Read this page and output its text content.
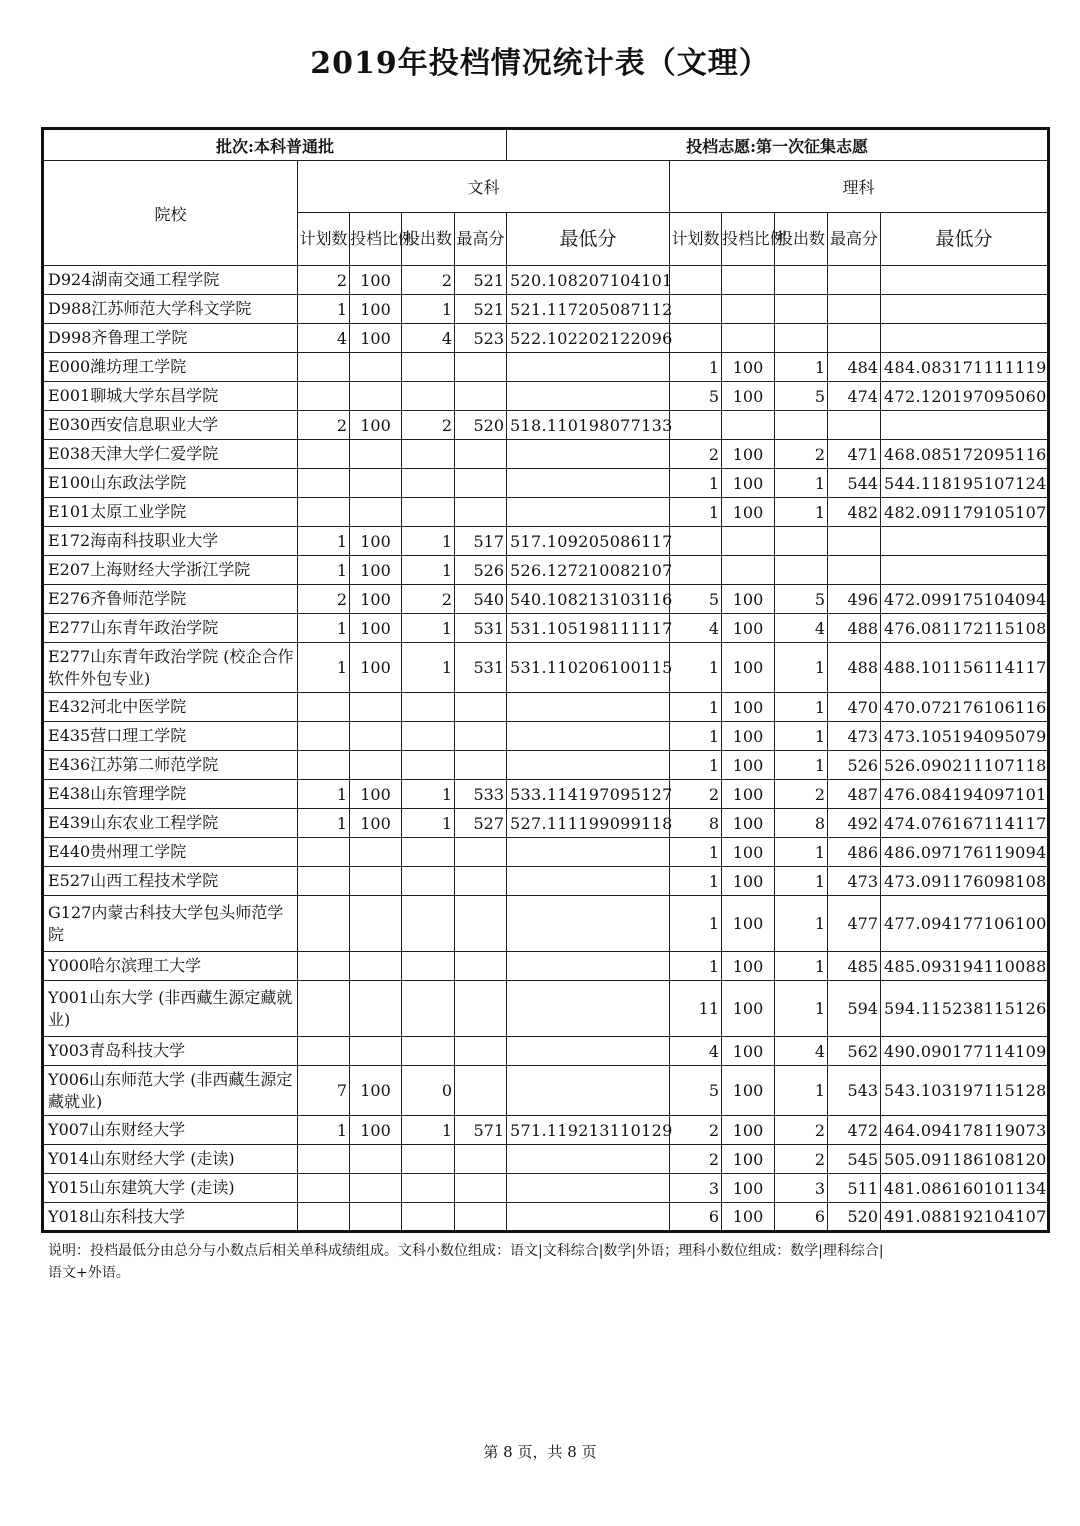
2019年投档情况统计表（文理）
批次:本科普通批					投档志愿:第一次征集志愿					
院校	文科					理科				
	计划数	投档比例	投出数	最高分	最低分	计划数	投档比例	投出数	最高分	最低分
D924湖南交通工程学院	2	100	2	521	520.108207104101					
D988江苏师范大学科文学院	1	100	1	521	521.117205087112					
D998齐鲁理工学院	4	100	4	523	522.102202122096					
E000潍坊理工学院						1	100	1	484	484.083171111119
E001聊城大学东昌学院						5	100	5	474	472.120197095060
E030西安信息职业大学	2	100	2	520	518.110198077133					
E038天津大学仁爱学院						2	100	2	471	468.085172095116
E100山东政法学院						1	100	1	544	544.118195107124
E101太原工业学院						1	100	1	482	482.091179105107
E172海南科技职业大学	1	100	1	517	517.109205086117					
E207上海财经大学浙江学院	1	100	1	526	526.127210082107					
E276齐鲁师范学院	2	100	2	540	540.108213103116	5	100	5	496	472.099175104094
E277山东青年政治学院	1	100	1	531	531.105198111117	4	100	4	488	476.081172115108
E277山东青年政治学院 (校企合作软件外包专业)	1	100	1	531	531.110206100115	1	100	1	488	488.101156114117
E432河北中医学院						1	100	1	470	470.072176106116
E435营口理工学院						1	100	1	473	473.105194095079
E436江苏第二师范学院						1	100	1	526	526.090211107118
E438山东管理学院	1	100	1	533	533.114197095127	2	100	2	487	476.084194097101
E439山东农业工程学院	1	100	1	527	527.111199099118	8	100	8	492	474.076167114117
E440贵州理工学院						1	100	1	486	486.097176119094
E527山西工程技术学院						1	100	1	473	473.091176098108
G127内蒙古科技大学包头师范学院						1	100	1	477	477.094177106100
Y000哈尔滨理工大学						1	100	1	485	485.093194110088
Y001山东大学 (非西藏生源定藏就业)						11	100	1	594	594.115238115126
Y003青岛科技大学						4	100	4	562	490.090177114109
Y006山东师范大学 (非西藏生源定藏就业)	7	100	0			5	100	1	543	543.103197115128
Y007山东财经大学	1	100	1	571	571.119213110129	2	100	2	472	464.094178119073
Y014山东财经大学 (走读)						2	100	2	545	505.091186108120
Y015山东建筑大学 (走读)						3	100	3	511	481.086160101134
Y018山东科技大学						6	100	6	520	491.088192104107
说明：投档最低分由总分与小数点后相关单科成绩组成。文科小数位组成：语文|文科综合|数学|外语；理科小数位组成：数学|理科综合|
语文+外语。
第 8 页，共 8 页
